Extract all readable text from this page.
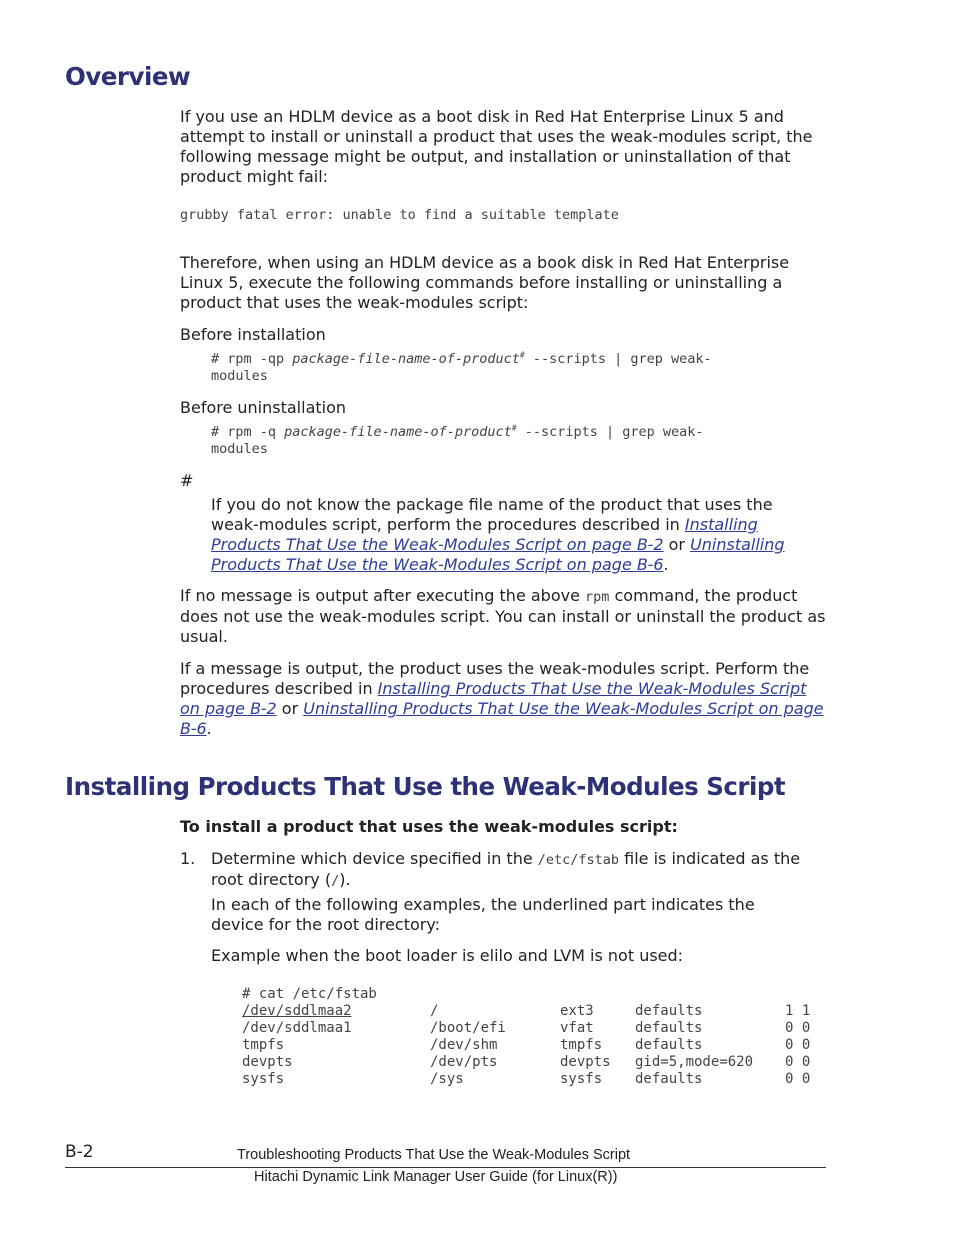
Overview

If you use an HDLM device as a boot disk in Red Hat Enterprise Linux 5 and attempt to install or uninstall a product that uses the weak-modules script, the following message might be output, and installation or uninstallation of that product might fail:

grubby fatal error: unable to find a suitable template

Therefore, when using an HDLM device as a book disk in Red Hat Enterprise Linux 5, execute the following commands before installing or uninstalling a product that uses the weak-modules script:

Before installation

# rpm -qp package-file-name-of-product# --scripts | grep weak-
modules

Before uninstallation

# rpm -q package-file-name-of-product# --scripts | grep weak-
modules

#

If you do not know the package file name of the product that uses the weak-modules script, perform the procedures described in Installing Products That Use the Weak-Modules Script on page B-2 or Uninstalling Products That Use the Weak-Modules Script on page B-6.

If no message is output after executing the above rpm command, the product does not use the weak-modules script. You can install or uninstall the product as usual.

If a message is output, the product uses the weak-modules script. Perform the procedures described in Installing Products That Use the Weak-Modules Script on page B-2 or Uninstalling Products That Use the Weak-Modules Script on page B-6.

Installing Products That Use the Weak-Modules Script

To install a product that uses the weak-modules script:

1. Determine which device specified in the /etc/fstab file is indicated as the root directory (/).

In each of the following examples, the underlined part indicates the device for the root directory:

Example when the boot loader is elilo and LVM is not used:

# cat /etc/fstab
/dev/sddlmaa2	/	ext3	defaults	1 1
/dev/sddlmaa1	/boot/efi	vfat	defaults	0 0
tmpfs	/dev/shm	tmpfs defaults	0 0
devpts	/dev/pts	devpts gid=5,mode=620 0 0
sysfs	/sys	sysfs defaults	0 0

B-2	Troubleshooting Products That Use the Weak-Modules Script

Hitachi Dynamic Link Manager User Guide (for Linux(R))
